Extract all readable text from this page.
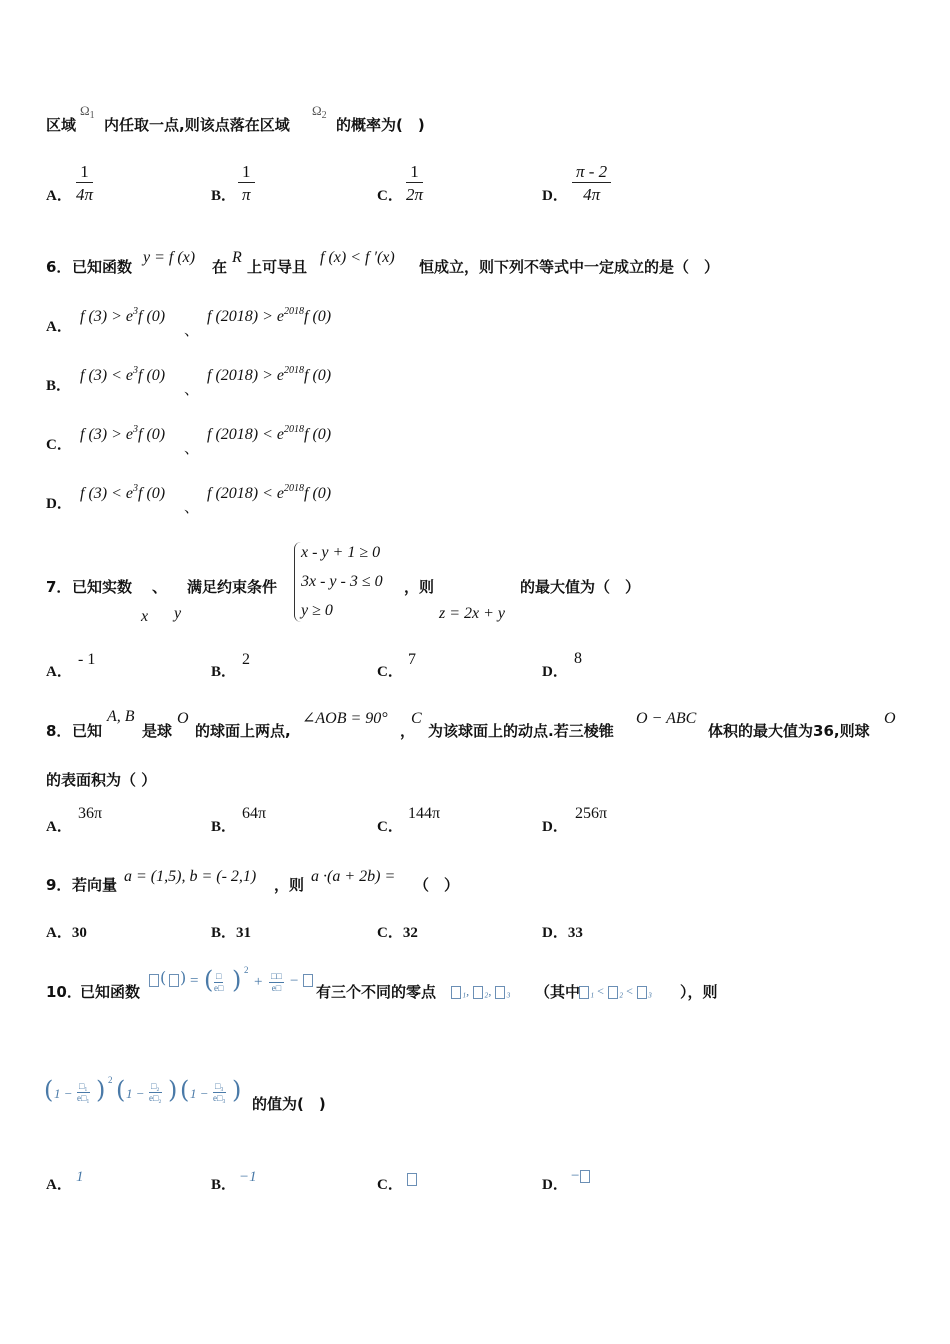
区域
$\Omega_1$
内任取一点,则该点落在区域
$\Omega_2$
的概率为(　)
A． $\frac{1}{4\pi}$	B． $\frac{1}{\pi}$	C． $\frac{1}{2\pi}$	D． $\frac{\pi - 2}{4\pi}$
6． 已知函数
y = f (x)
在
R
上可导且
f (x) < f ′(x)
恒成立，则下列不等式中一定成立的是（　）
A．
f $(3) > e^3f$ (0)
、
f $(2018) > e^{2018}f$ (0)
B．
f $(3) < e^3f$ (0)
、
f $(2018) > e^{2018}f$ (0)
C．
f $(3) > e^3f$ (0)
、
f $(2018) < e^{2018}f$ (0)
D．
f $(3) < e^3f$ (0)
、
f $(2018) < e^{2018}f$ (0)
7． 已知实数 、
x y
满足约束条件
x - y + 1 ≥ 0
3x - y - 3 ≤ 0
y ≥ 0
，则
z = 2x + y
的最大值为（　）
A．
- 1
B．
2
C．
7
D．
8
8． 已知
A, B
是球
O
的球面上两点,
∠AOB = 90°
，
C
为该球面上的动点.若三棱锥
O − ABC
体积的最大值为36,则球
O
的表面积为（ ）
A．
36π
B．
64π
C．
144π
D．
256π
9． 若向量 a = (1,5), b = (- 2,1) ，则 a ·(a + 2b) = （　）
A．30	B．31	C．32	D．33
10．
已知函数
( ) = ( □
e□ ) 2
+ □□
e□ −
有三个不同的零点	₁, ₂, ₃	（其中 ₁ < ₂ < ₃	），则
( 1 − □₁
e□₁ ) 2 ( 1 − □₂
e□₂ ) ( 1 − □₃
e□₃ ) 的值为(　)
A． 1	B． −1	C．	D．
−
